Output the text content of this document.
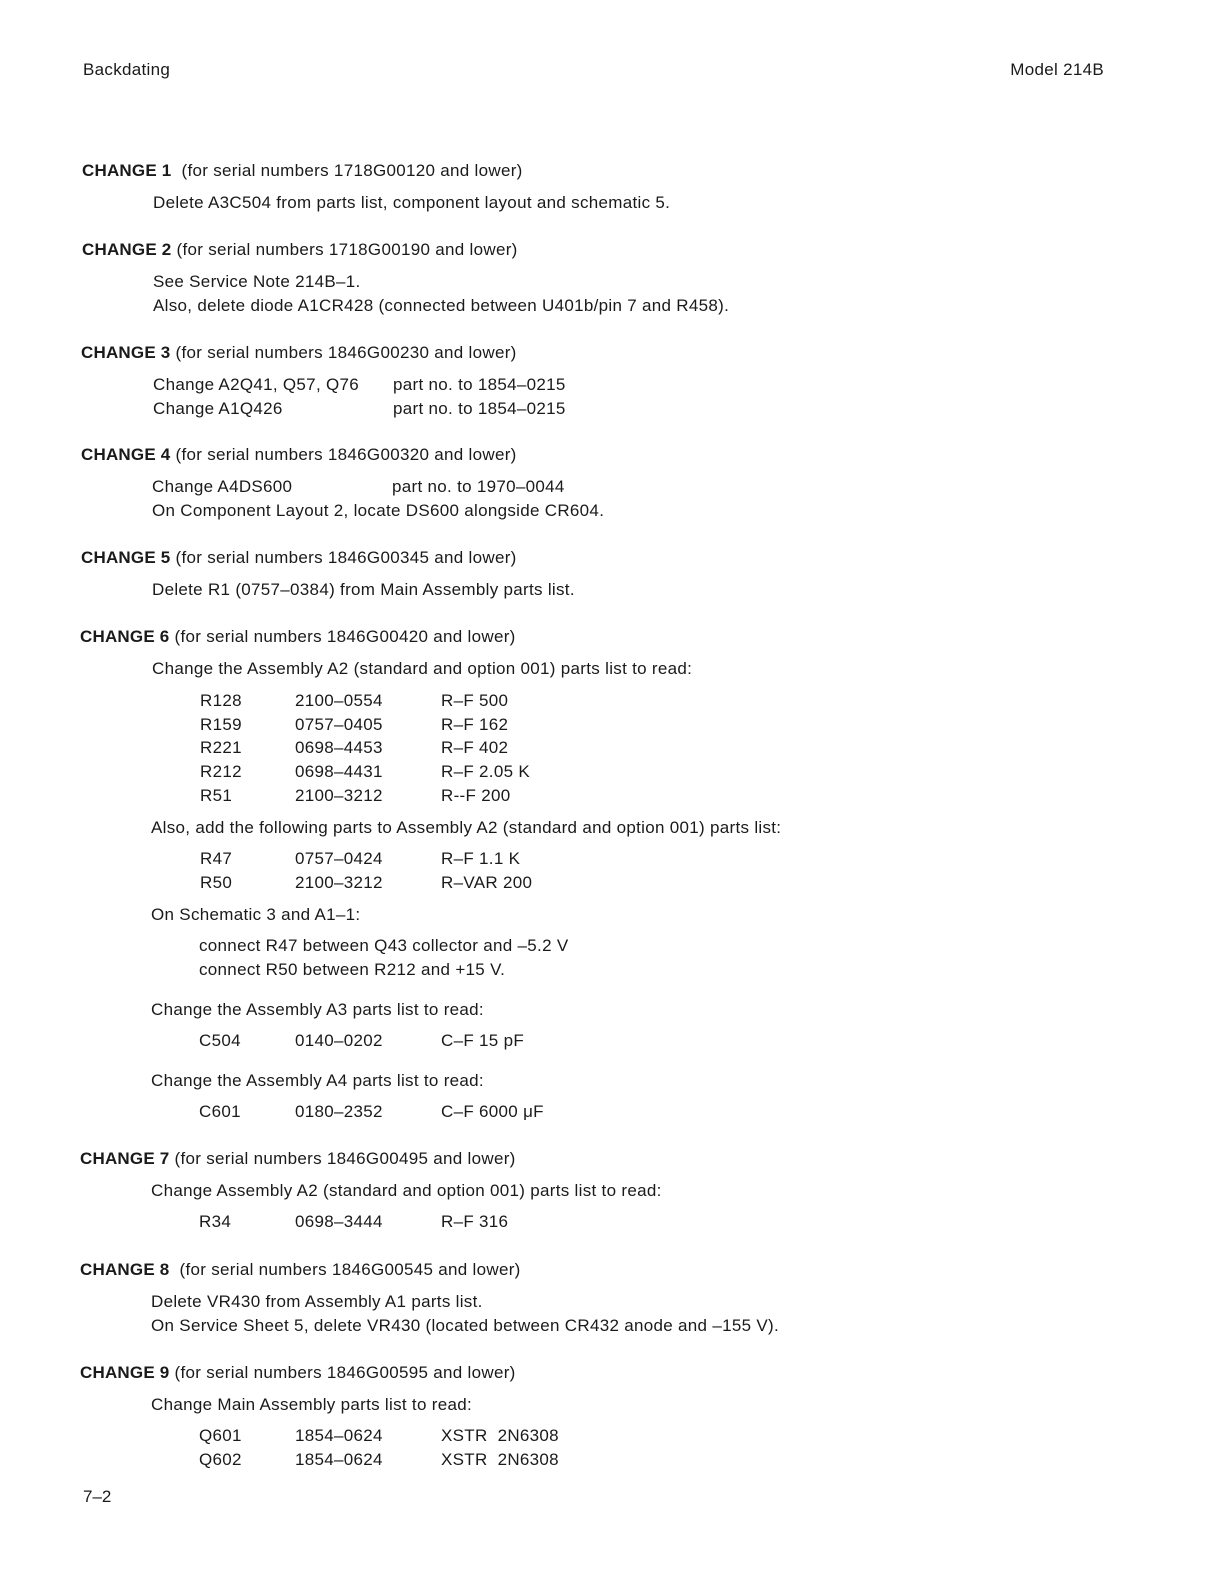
Backdating	Model 214B
CHANGE 1 (for serial numbers 1718G00120 and lower)
Delete A3C504 from parts list, component layout and schematic 5.
CHANGE 2 (for serial numbers 1718G00190 and lower)
See Service Note 214B–1.
Also, delete diode A1CR428 (connected between U401b/pin 7 and R458).
CHANGE 3 (for serial numbers 1846G00230 and lower)
Change A2Q41, Q57, Q76 part no. to 1854–0215
Change A1Q426	part no. to 1854–0215
CHANGE 4 (for serial numbers 1846G00320 and lower)
Change A4DS600	part no. to 1970–0044
On Component Layout 2, locate DS600 alongside CR604.
CHANGE 5 (for serial numbers 1846G00345 and lower)
Delete R1 (0757–0384) from Main Assembly parts list.
CHANGE 6 (for serial numbers 1846G00420 and lower)
Change the Assembly A2 (standard and option 001) parts list to read:
R128	2100–0554	R–F 500
R159	0757–0405	R–F 162
R221	0698–4453	R–F 402
R212	0698–4431	R–F 2.05 K
R51	2100–3212	R--F 200
Also, add the following parts to Assembly A2 (standard and option 001) parts list:
R47	0757–0424	R–F 1.1 K
R50	2100–3212	R–VAR 200
On Schematic 3 and A1–1:
connect R47 between Q43 collector and –5.2 V
connect R50 between R212 and +15 V.
Change the Assembly A3 parts list to read:
C504	0140–0202	C–F 15 pF
Change the Assembly A4 parts list to read:
C601	0180–2352	C–F 6000 μF
CHANGE 7 (for serial numbers 1846G00495 and lower)
Change Assembly A2 (standard and option 001) parts list to read:
R34	0698–3444	R–F 316
CHANGE 8 (for serial numbers 1846G00545 and lower)
Delete VR430 from Assembly A1 parts list.
On Service Sheet 5, delete VR430 (located between CR432 anode and –155 V).
CHANGE 9 (for serial numbers 1846G00595 and lower)
Change Main Assembly parts list to read:
Q601	1854–0624	XSTR  2N6308
Q602	1854–0624	XSTR  2N6308
7–2
